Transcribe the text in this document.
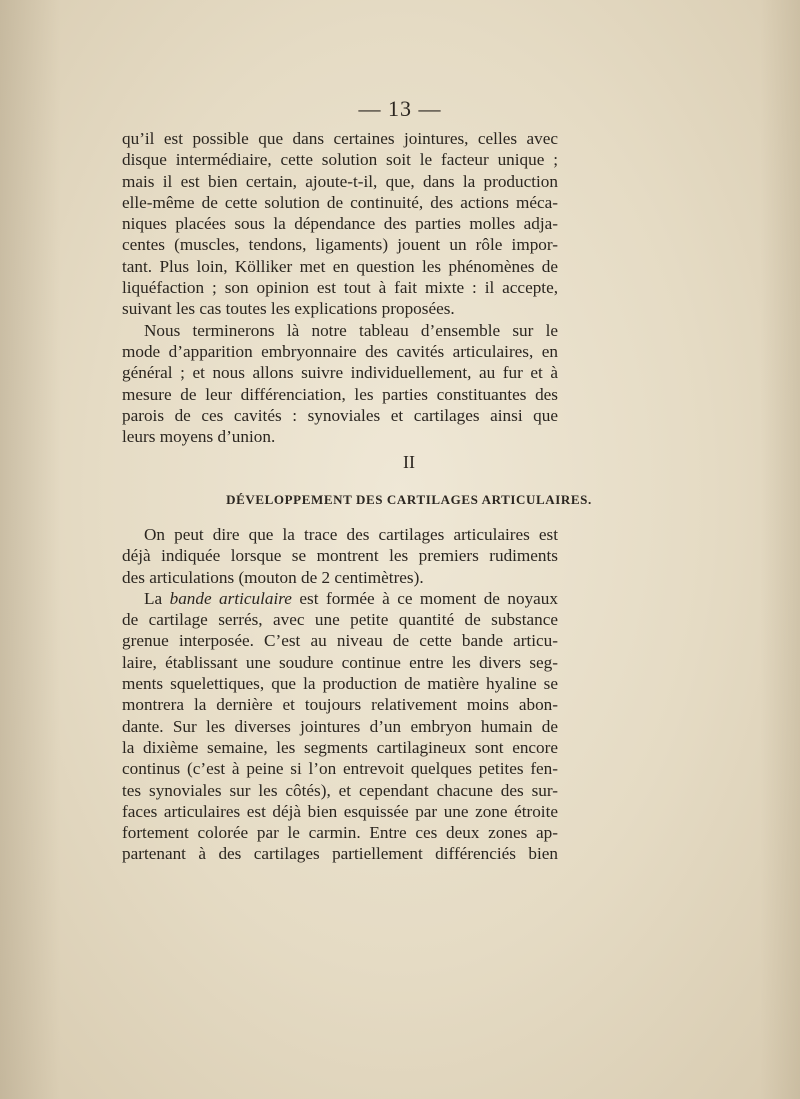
— 13 —
qu’il est possible que dans certaines jointures, celles avec
disque intermédiaire, cette solution soit le facteur unique ;
mais il est bien certain, ajoute-t-il, que, dans la production
elle-même de cette solution de continuité, des actions méca-
niques placées sous la dépendance des parties molles adja-
centes (muscles, tendons, ligaments) jouent un rôle impor-
tant. Plus loin, Kölliker met en question les phénomènes de
liquéfaction ; son opinion est tout à fait mixte : il accepte,
suivant les cas toutes les explications proposées.
Nous terminerons là notre tableau d’ensemble sur le
mode d’apparition embryonnaire des cavités articulaires, en
général ; et nous allons suivre individuellement, au fur et à
mesure de leur différenciation, les parties constituantes des
parois de ces cavités : synoviales et cartilages ainsi que
leurs moyens d’union.
II
DÉVELOPPEMENT DES CARTILAGES ARTICULAIRES.
On peut dire que la trace des cartilages articulaires est
déjà indiquée lorsque se montrent les premiers rudiments
des articulations (mouton de 2 centimètres).
La bande articulaire est formée à ce moment de noyaux
de cartilage serrés, avec une petite quantité de substance
grenue interposée. C’est au niveau de cette bande articu-
laire, établissant une soudure continue entre les divers seg-
ments squelettiques, que la production de matière hyaline se
montrera la dernière et toujours relativement moins abon-
dante. Sur les diverses jointures d’un embryon humain de
la dixième semaine, les segments cartilagineux sont encore
continus (c’est à peine si l’on entrevoit quelques petites fen-
tes synoviales sur les côtés), et cependant chacune des sur-
faces articulaires est déjà bien esquissée par une zone étroite
fortement colorée par le carmin. Entre ces deux zones ap-
partenant à des cartilages partiellement différenciés bien
